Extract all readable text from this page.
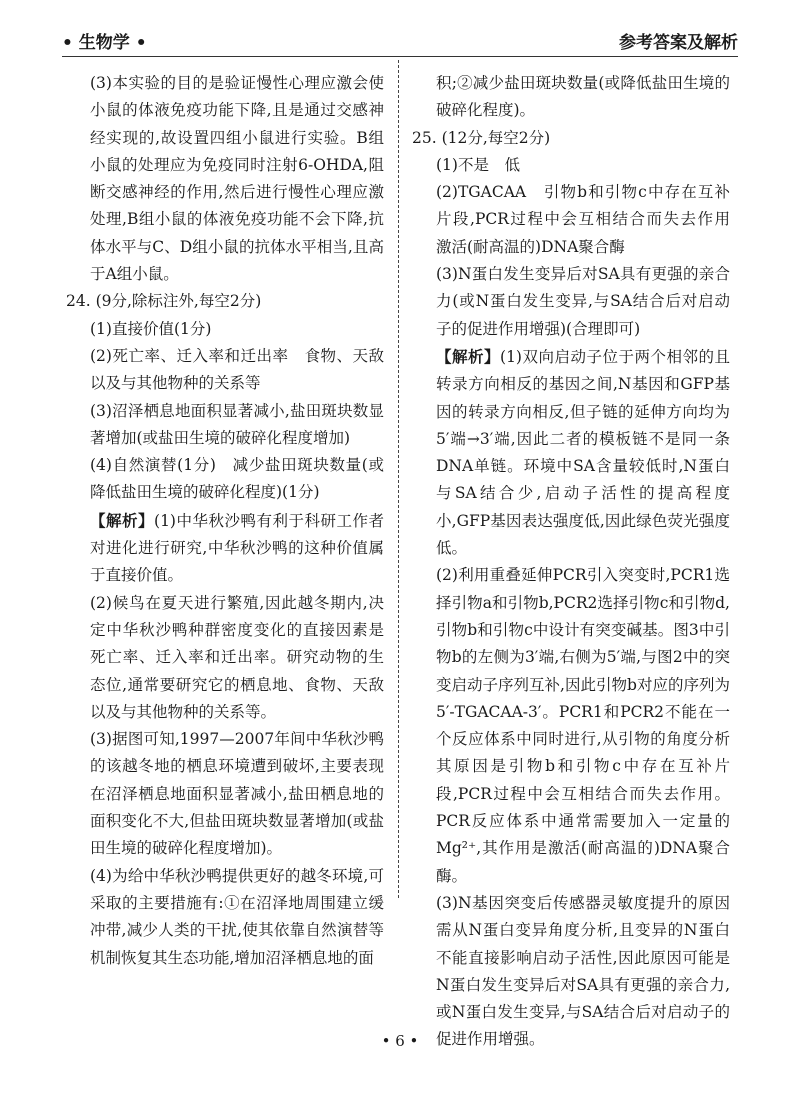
• 生物学 •	参考答案及解析

(3)本实验的目的是验证慢性心理应激会使小鼠的体液免疫功能下降,且是通过交感神经实现的,故设置四组小鼠进行实验。B组小鼠的处理应为免疫同时注射6-OHDA,阻断交感神经的作用,然后进行慢性心理应激处理,B组小鼠的体液免疫功能不会下降,抗体水平与C、D组小鼠的抗体水平相当,且高于A组小鼠。

24. (9分,除标注外,每空2分)

(1)直接价值(1分)

(2)死亡率、迁入率和迁出率　食物、天敌以及与其他物种的关系等

(3)沼泽栖息地面积显著减小,盐田斑块数显著增加(或盐田生境的破碎化程度增加)

(4)自然演替(1分)　减少盐田斑块数量(或降低盐田生境的破碎化程度)(1分)

【解析】(1)中华秋沙鸭有利于科研工作者对进化进行研究,中华秋沙鸭的这种价值属于直接价值。

(2)候鸟在夏天进行繁殖,因此越冬期内,决定中华秋沙鸭种群密度变化的直接因素是死亡率、迁入率和迁出率。研究动物的生态位,通常要研究它的栖息地、食物、天敌以及与其他物种的关系等。

(3)据图可知,1997—2007年间中华秋沙鸭的该越冬地的栖息环境遭到破坏,主要表现在沼泽栖息地面积显著减小,盐田栖息地的面积变化不大,但盐田斑块数显著增加(或盐田生境的破碎化程度增加)。

(4)为给中华秋沙鸭提供更好的越冬环境,可采取的主要措施有:①在沼泽地周围建立缓冲带,减少人类的干扰,使其依靠自然演替等机制恢复其生态功能,增加沼泽栖息地的面

积;②减少盐田斑块数量(或降低盐田生境的破碎化程度)。

25. (12分,每空2分)

(1)不是　低

(2)TGACAA　引物b和引物c中存在互补片段,PCR过程中会互相结合而失去作用　激活(耐高温的)DNA聚合酶

(3)N蛋白发生变异后对SA具有更强的亲合力(或N蛋白发生变异,与SA结合后对启动子的促进作用增强)(合理即可)

【解析】(1)双向启动子位于两个相邻的且转录方向相反的基因之间,N基因和GFP基因的转录方向相反,但子链的延伸方向均为5′端→3′端,因此二者的模板链不是同一条DNA单链。环境中SA含量较低时,N蛋白与SA结合少,启动子活性的提高程度小,GFP基因表达强度低,因此绿色荧光强度低。

(2)利用重叠延伸PCR引入突变时,PCR1选择引物a和引物b,PCR2选择引物c和引物d,引物b和引物c中设计有突变碱基。图3中引物b的左侧为3′端,右侧为5′端,与图2中的突变启动子序列互补,因此引物b对应的序列为5′-TGACAA-3′。PCR1和PCR2不能在一个反应体系中同时进行,从引物的角度分析其原因是引物b和引物c中存在互补片段,PCR过程中会互相结合而失去作用。PCR反应体系中通常需要加入一定量的Mg²⁺,其作用是激活(耐高温的)DNA聚合酶。

(3)N基因突变后传感器灵敏度提升的原因需从N蛋白变异角度分析,且变异的N蛋白不能直接影响启动子活性,因此原因可能是N蛋白发生变异后对SA具有更强的亲合力,或N蛋白发生变异,与SA结合后对启动子的促进作用增强。

• 6 •
